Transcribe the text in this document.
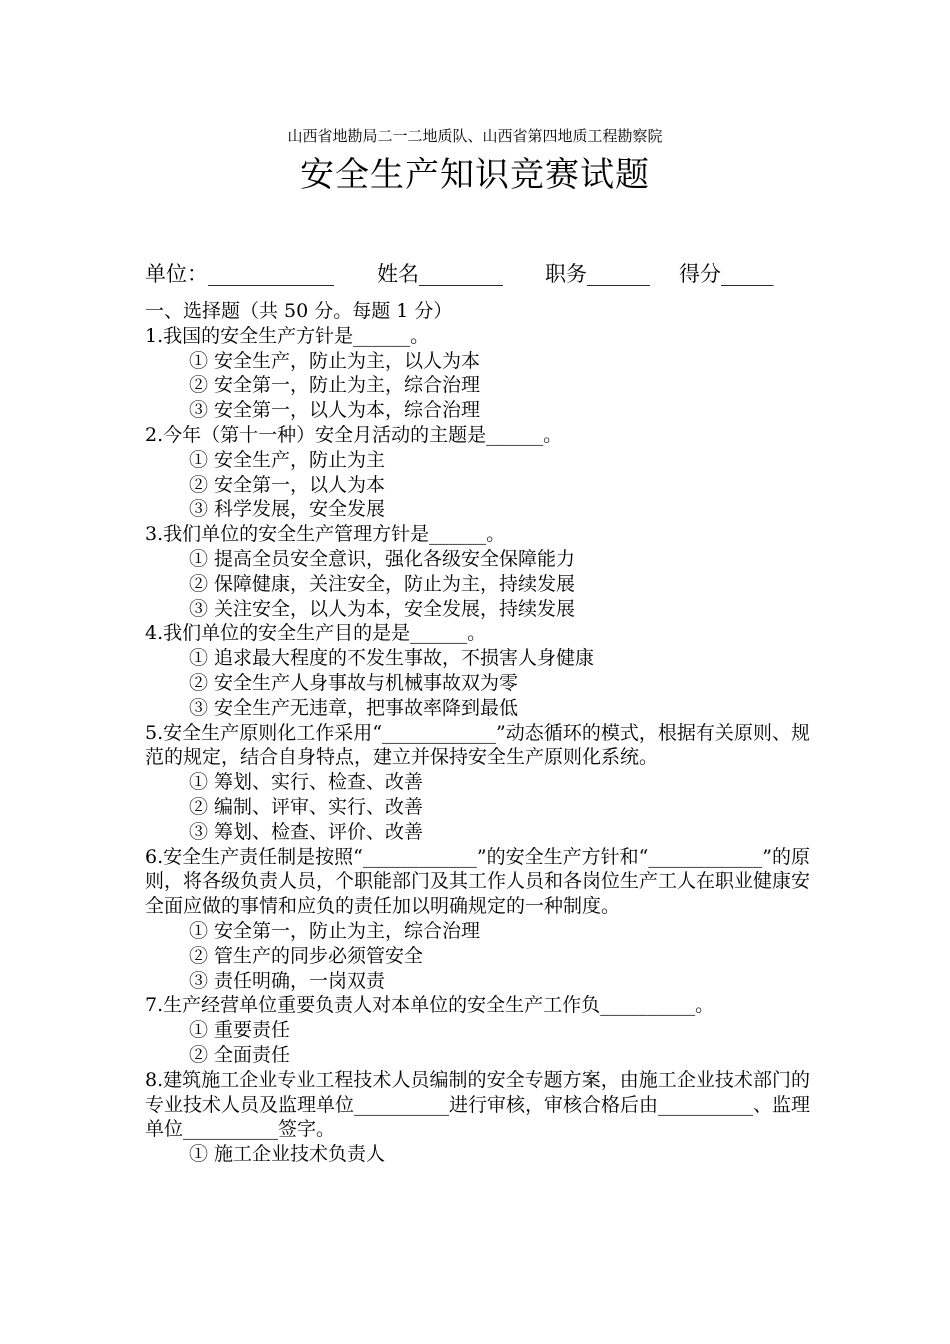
山西省地勘局二一二地质队、山西省第四地质工程勘察院
安全生产知识竞赛试题
单位：____________ 姓名________ 职务______ 得分_____
一、选择题（共 50 分。每题 1 分）
1.我国的安全生产方针是______。
① 安全生产，防止为主，以人为本
② 安全第一，防止为主，综合治理
③ 安全第一，以人为本，综合治理
2.今年（第十一种）安全月活动的主题是______。
① 安全生产，防止为主
② 安全第一，以人为本
③ 科学发展，安全发展
3.我们单位的安全生产管理方针是______。
① 提高全员安全意识，强化各级安全保障能力
② 保障健康，关注安全，防止为主，持续发展
③ 关注安全，以人为本，安全发展，持续发展
4.我们单位的安全生产目的是是______。
① 追求最大程度的不发生事故，不损害人身健康
② 安全生产人身事故与机械事故双为零
③ 安全生产无违章，把事故率降到最低
5.安全生产原则化工作采用“____________”动态循环的模式，根据有关原则、规范的规定，结合自身特点，建立并保持安全生产原则化系统。
① 筹划、实行、检查、改善
② 编制、评审、实行、改善
③ 筹划、检查、评价、改善
6.安全生产责任制是按照“____________”的安全生产方针和“____________”的原则，将各级负责人员，个职能部门及其工作人员和各岗位生产工人在职业健康安全面应做的事情和应负的责任加以明确规定的一种制度。
① 安全第一，防止为主，综合治理
② 管生产的同步必须管安全
③ 责任明确，一岗双责
7.生产经营单位重要负责人对本单位的安全生产工作负__________。
① 重要责任
② 全面责任
8.建筑施工企业专业工程技术人员编制的安全专题方案，由施工企业技术部门的专业技术人员及监理单位__________进行审核，审核合格后由__________、监理单位__________签字。
① 施工企业技术负责人
